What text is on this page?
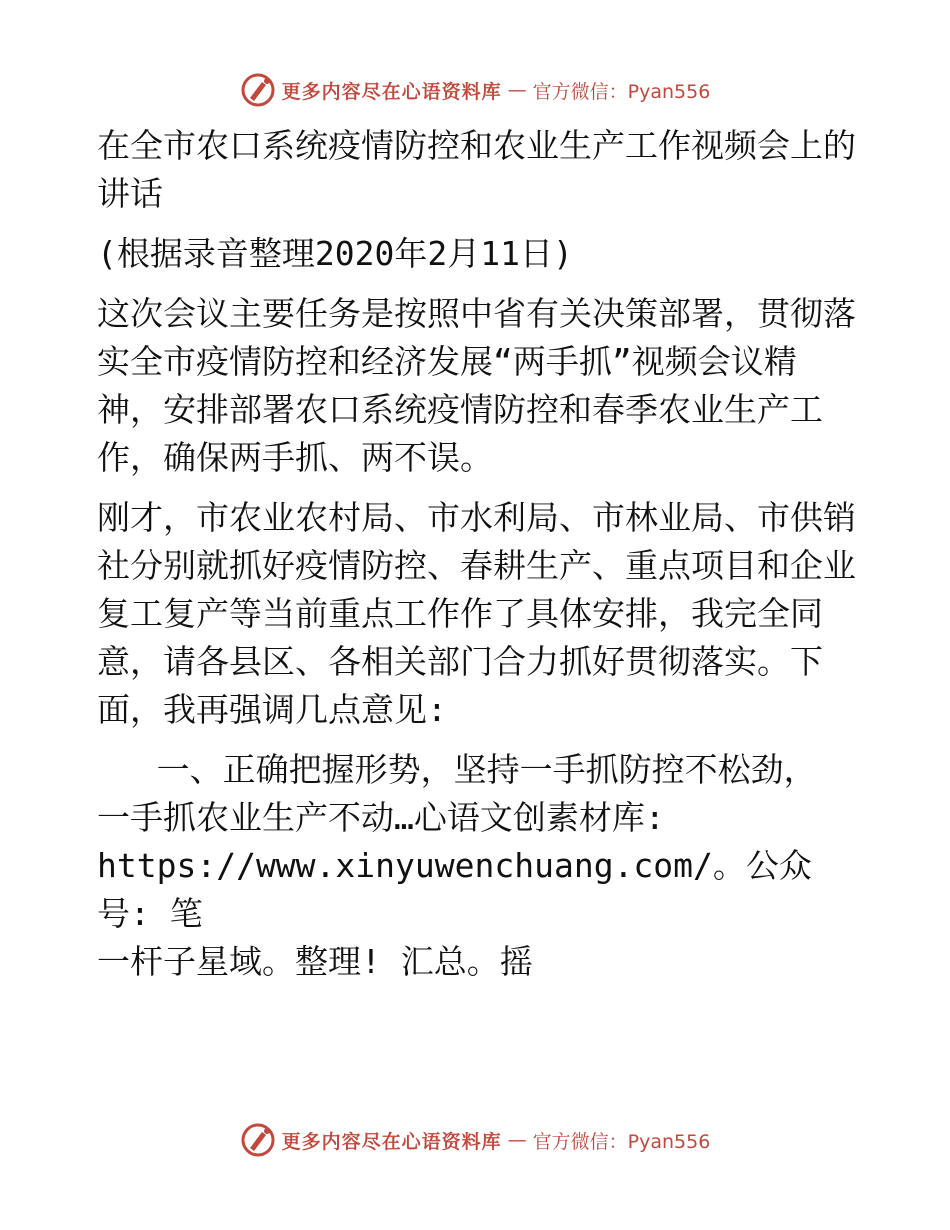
更多内容尽在心语资料库 — 官方微信：Pyan556
在全市农口系统疫情防控和农业生产工作视频会上的讲话
(根据录音整理2020年2月11日)
这次会议主要任务是按照中省有关决策部署，贯彻落实全市疫情防控和经济发展“两手抓”视频会议精神，安排部署农口系统疫情防控和春季农业生产工作，确保两手抓、两不误。
刚才，市农业农村局、市水利局、市林业局、市供销社分别就抓好疫情防控、春耕生产、重点项目和企业复工复产等当前重点工作作了具体安排，我完全同意，请各县区、各相关部门合力抓好贯彻落实。下面，我再强调几点意见:
一、正确把握形势，坚持一手抓防控不松劲，
一手抓农业生产不动…心语文创素材库:
https://www.xinyuwenchuang.com/。公众号: 笔
一杆子星域。整理! 汇总。摇
更多内容尽在心语资料库 — 官方微信：Pyan556
